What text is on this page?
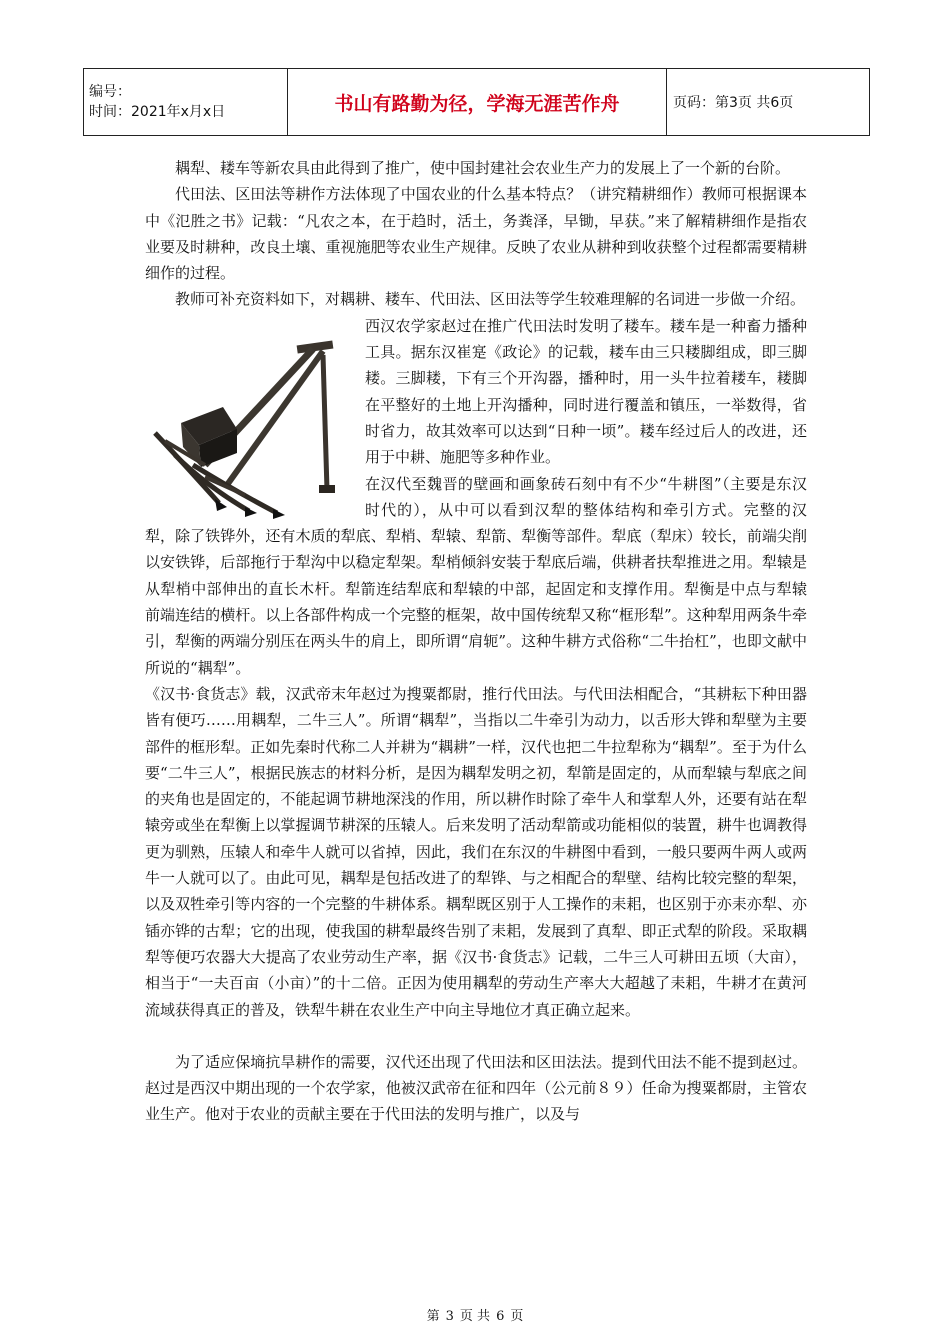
编号：
时间：2021年x月x日	书山有路勤为径，学海无涯苦作舟	页码：第3页 共6页

耦犁、耧车等新农具由此得到了推广，使中国封建社会农业生产力的发展上了一个新的台阶。

代田法、区田法等耕作方法体现了中国农业的什么基本特点？（讲究精耕细作）教师可根据课本中《氾胜之书》记载：“凡农之本，在于趋时，活土，务粪泽，早锄，早获。”来了解精耕细作是指农业要及时耕种，改良土壤、重视施肥等农业生产规律。反映了农业从耕种到收获整个过程都需要精耕细作的过程。

教师可补充资料如下，对耦耕、耧车、代田法、区田法等学生较难理解的名词进一步做一介绍。

西汉农学家赵过在推广代田法时发明了耧车。耧车是一种畜力播种工具。据东汉崔寔《政论》的记载，耧车由三只耧脚组成，即三脚耧。三脚耧，下有三个开沟器，播种时，用一头牛拉着耧车，耧脚在平整好的土地上开沟播种，同时进行覆盖和镇压，一举数得，省时省力，故其效率可以达到“日种一顷”。耧车经过后人的改进，还用于中耕、施肥等多种作业。

在汉代至魏晋的壁画和画象砖石刻中有不少“牛耕图”（主要是东汉时代的），从中可以看到汉犁的整体结构和牵引方式。完整的汉犁，除了铁铧外，还有木质的犁底、犁梢、犁辕、犁箭、犁衡等部件。犁底（犁床）较长，前端尖削以安铁铧，后部拖行于犁沟中以稳定犁架。犁梢倾斜安装于犁底后端，供耕者扶犁推进之用。犁辕是从犁梢中部伸出的直长木杆。犁箭连结犁底和犁辕的中部，起固定和支撑作用。犁衡是中点与犁辕 前端连结的横杆。以上各部件构成一个完整的框架，故中国传统犁又称“框形犁”。这种犁用两条牛牵引，犁衡的两端分别压在两头牛的肩上，即所谓“肩轭”。这种牛耕方式俗称“二牛抬杠”，也即文献中所说的“耦犁”。

《汉书·食货志》载，汉武帝末年赵过为搜粟都尉，推行代田法。与代田法相配合，“其耕耘下种田器皆有便巧……用耦犁，二牛三人”。所谓“耦犁”，当指以二牛牵引为动力，以舌形大铧和犁壁为主要部件的框形犁。正如先秦时代称二人并耕为“耦耕”一样，汉代也把二牛拉犁称为“耦犁”。至于为什么要“二牛三人”，根据民族志的材料分析，是因为耦犁发明之初，犁箭是固定的，从而犁辕与犁底之间的夹角也是固定的，不能起调节耕地深浅的作用，所以耕作时除了牵牛人和掌犁人外，还要有站在犁辕旁或坐在犁衡上以掌握调节耕深的压辕人。后来发明了活动犁箭或功能相似的装置，耕牛也调教得更为驯熟，压辕人和牵牛人就可以省掉，因此，我们在东汉的牛耕图中看到，一般只要两牛两人或两牛一人就可以了。由此可见，耦犁是包括改进了的犁铧、与之相配合的犁壁、结构比较完整的犁架，以及双牲牵引等内容的一个完整的牛耕体系。耦犁既区别于人工操作的耒耜，也区别于亦耒亦犁、亦锸亦铧的古犁；它的出现，使我国的耕犁最终告别了耒耜，发展到了真犁、即正式犁的阶段。采取耦犁等便巧农器大大提高了农业劳动生产率，据《汉书·食货志》记载，二牛三人可耕田五顷（大亩），相当于“一夫百亩（小亩）”的十二倍。正因为使用耦犁的劳动生产率大大超越了耒耜，牛耕才在黄河流域获得真正的普及，铁犁牛耕在农业生产中向主导地位才真正确立起来。

为了适应保墒抗旱耕作的需要，汉代还出现了代田法和区田法法。提到代田法不能不提到赵过。赵过是西汉中期出现的一个农学家，他被汉武帝在征和四年（公元前８９）任命为搜粟都尉，主管农业生产。他对于农业的贡献主要在于代田法的发明与推广，以及与

第 3 页 共 6 页
